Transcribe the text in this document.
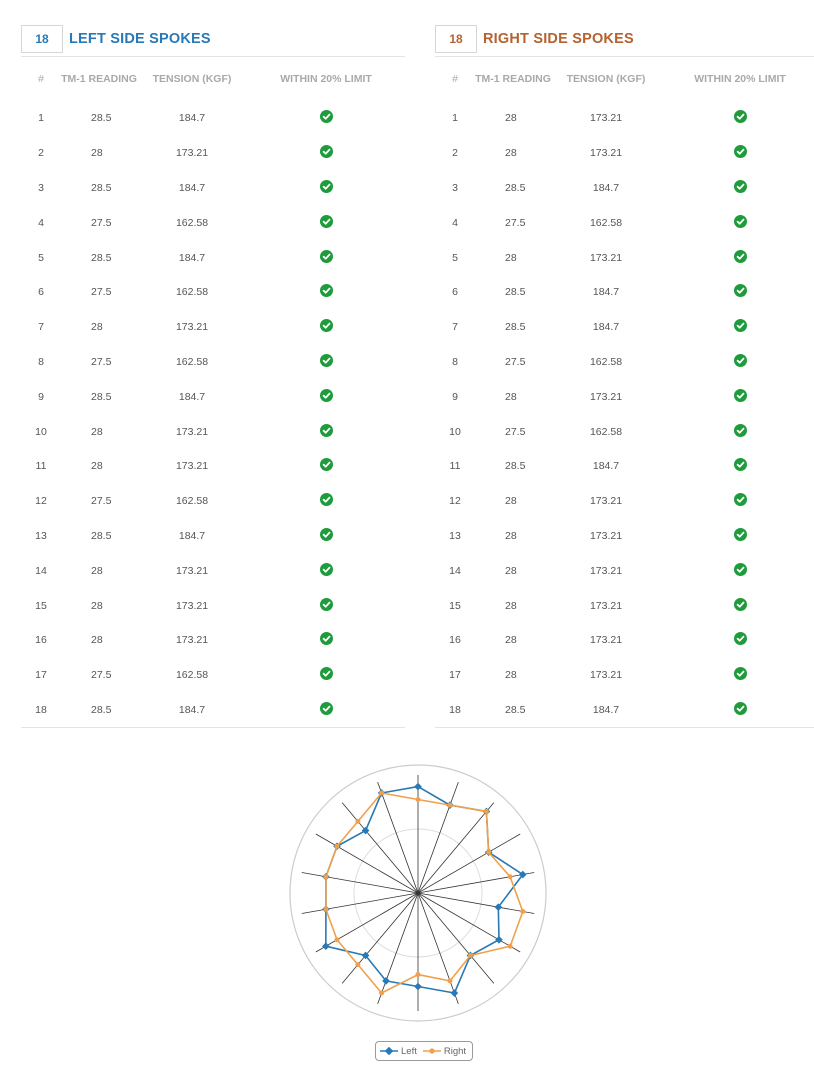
18	LEFT SIDE SPOKES
#	TM-1 READING	TENSION (KGF)	WITHIN 20% LIMIT
1	28.5	184.7	
2	28	173.21	
3	28.5	184.7	
4	27.5	162.58	
5	28.5	184.7	
6	27.5	162.58	
7	28	173.21	
8	27.5	162.58	
9	28.5	184.7	
10	28	173.21	
11	28	173.21	
12	27.5	162.58	
13	28.5	184.7	
14	28	173.21	
15	28	173.21	
16	28	173.21	
17	27.5	162.58	
18	28.5	184.7	
18	RIGHT SIDE SPOKES
#	TM-1 READING	TENSION (KGF)	WITHIN 20% LIMIT
1	28	173.21	
2	28	173.21	
3	28.5	184.7	
4	27.5	162.58	
5	28	173.21	
6	28.5	184.7	
7	28.5	184.7	
8	27.5	162.58	
9	28	173.21	
10	27.5	162.58	
11	28.5	184.7	
12	28	173.21	
13	28	173.21	
14	28	173.21	
15	28	173.21	
16	28	173.21	
17	28	173.21	
18	28.5	184.7	
Left	Right
